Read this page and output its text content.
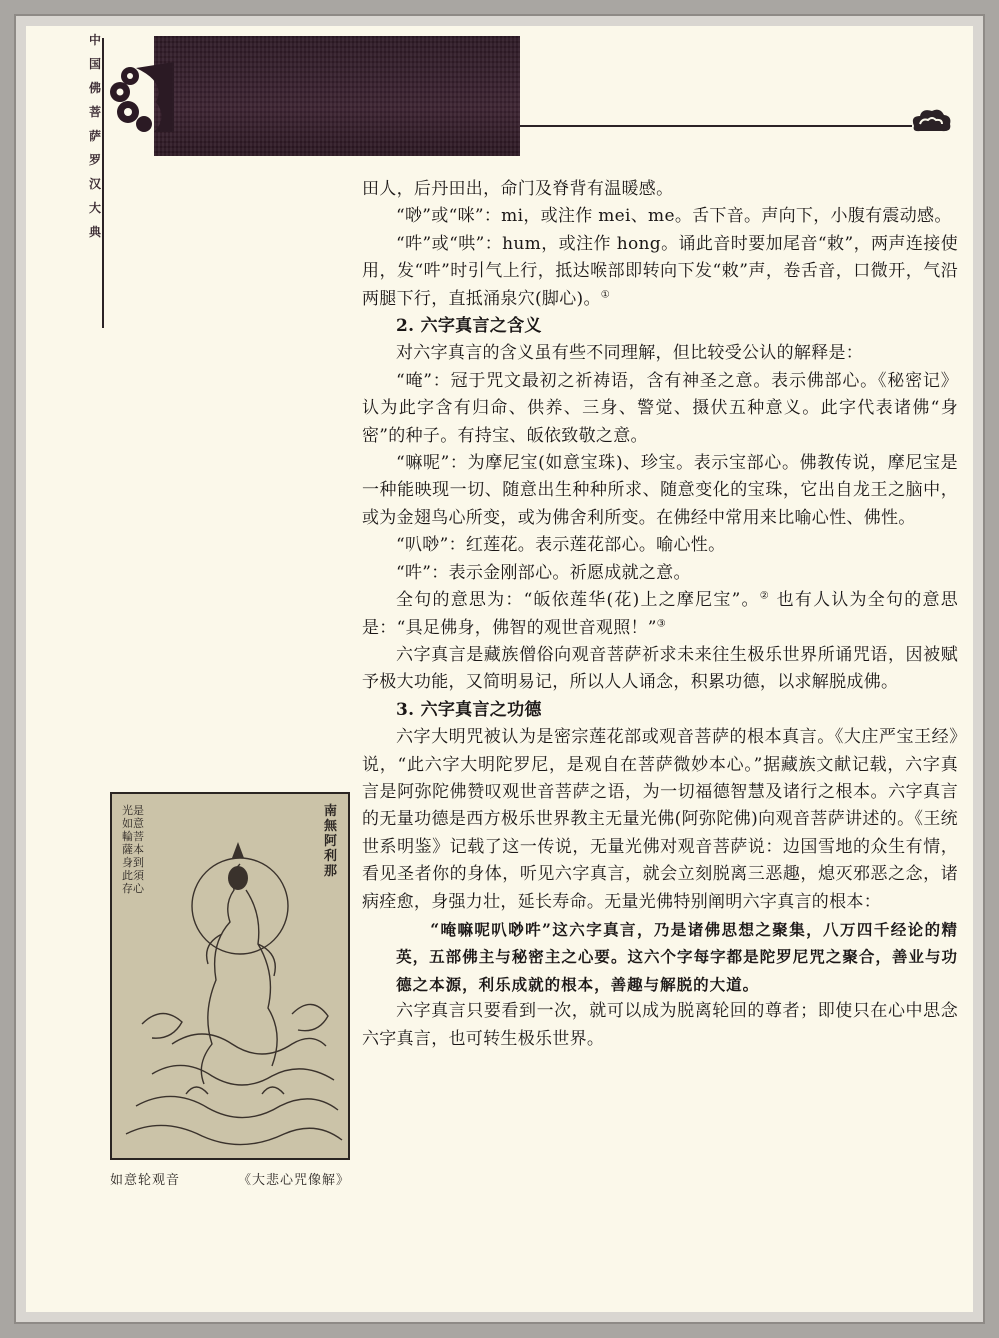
中
国
佛
菩
萨
罗
汉
大
典

田人，后丹田出，命门及脊背有温暖感。

“唦”或“咪”：mi，或注作 mei、me。舌下音。声向下，小腹有震动感。

“吽”或“哄”：hum，或注作 hong。诵此音时要加尾音“敕”，两声连接使用，发“吽”时引气上行，抵达喉部即转向下发“敕”声，卷舌音，口微开，气沿两腿下行，直抵涌泉穴(脚心)。①

2. 六字真言之含义

对六字真言的含义虽有些不同理解，但比较受公认的解释是：

“唵”：冠于咒文最初之祈祷语，含有神圣之意。表示佛部心。《秘密记》认为此字含有归命、供养、三身、警觉、摄伏五种意义。此字代表诸佛“身密”的种子。有持宝、皈依致敬之意。

“嘛呢”：为摩尼宝(如意宝珠)、珍宝。表示宝部心。佛教传说，摩尼宝是一种能映现一切、随意出生种种所求、随意变化的宝珠，它出自龙王之脑中，或为金翅鸟心所变，或为佛舍利所变。在佛经中常用来比喻心性、佛性。

“叭唦”：红莲花。表示莲花部心。喻心性。

“吽”：表示金刚部心。祈愿成就之意。

全句的意思为：“皈依莲华(花)上之摩尼宝”。② 也有人认为全句的意思是：“具足佛身，佛智的观世音观照！”③

六字真言是藏族僧俗向观音菩萨祈求未来往生极乐世界所诵咒语，因被赋予极大功能，又简明易记，所以人人诵念，积累功德，以求解脱成佛。

3. 六字真言之功德

六字大明咒被认为是密宗莲花部或观音菩萨的根本真言。《大庄严宝王经》说，“此六字大明陀罗尼，是观自在菩萨微妙本心。”据藏族文献记载，六字真言是阿弥陀佛赞叹观世音菩萨之语，为一切福德智慧及诸行之根本。六字真言的无量功德是西方极乐世界教主无量光佛(阿弥陀佛)向观音菩萨讲述的。《王统世系明鉴》记载了这一传说，无量光佛对观音菩萨说：边国雪地的众生有情，看见圣者你的身体，听见六字真言，就会立刻脱离三恶趣，熄灭邪恶之念，诸病痊愈，身强力壮，延长寿命。无量光佛特别阐明六字真言的根本：

“唵嘛呢叭唦吽”这六字真言，乃是诸佛思想之聚集，八万四千经论的精英，五部佛主与秘密主之心要。这六个字每字都是陀罗尼咒之聚合，善业与功德之本源，利乐成就的根本，善趣与解脱的大道。

六字真言只要看到一次，就可以成为脱离轮回的尊者；即使只在心中思念六字真言，也可转生极乐世界。

南無阿利那
光是如意輪菩薩本身到此須存心
如意轮观音	《大悲心咒像解》
